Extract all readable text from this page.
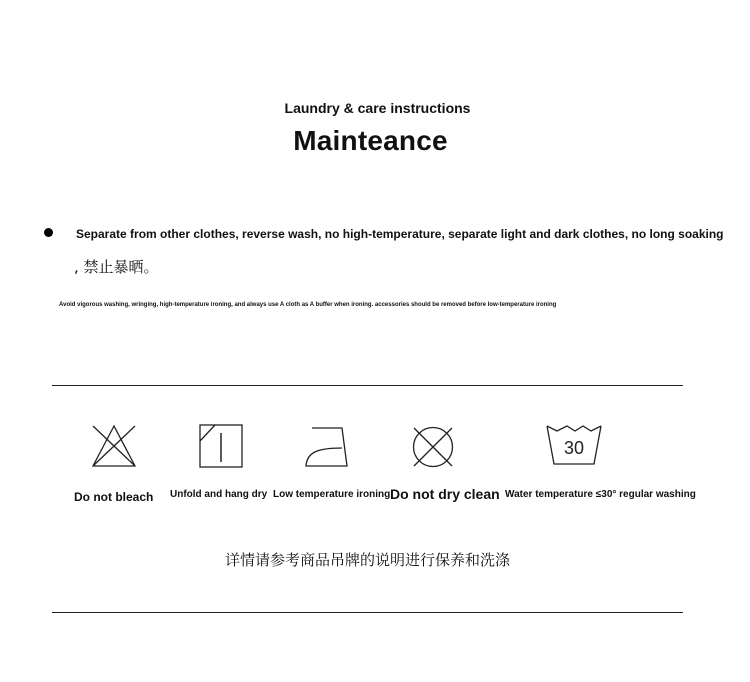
Laundry & care instructions
Mainteance
Separate from other clothes, reverse wash, no high-temperature, separate light and dark clothes, no long soaking
, 禁止暴晒。
Avoid vigorous washing, wringing, high-temperature ironing, and always use A cloth as A buffer when ironing. accessories should be removed before low-temperature ironing
30
Do not bleach Unfold and hang dry Low temperature ironing Do not dry clean Water temperature ≤30° regular washing
详情请参考商品吊牌的说明进行保养和洗涤
